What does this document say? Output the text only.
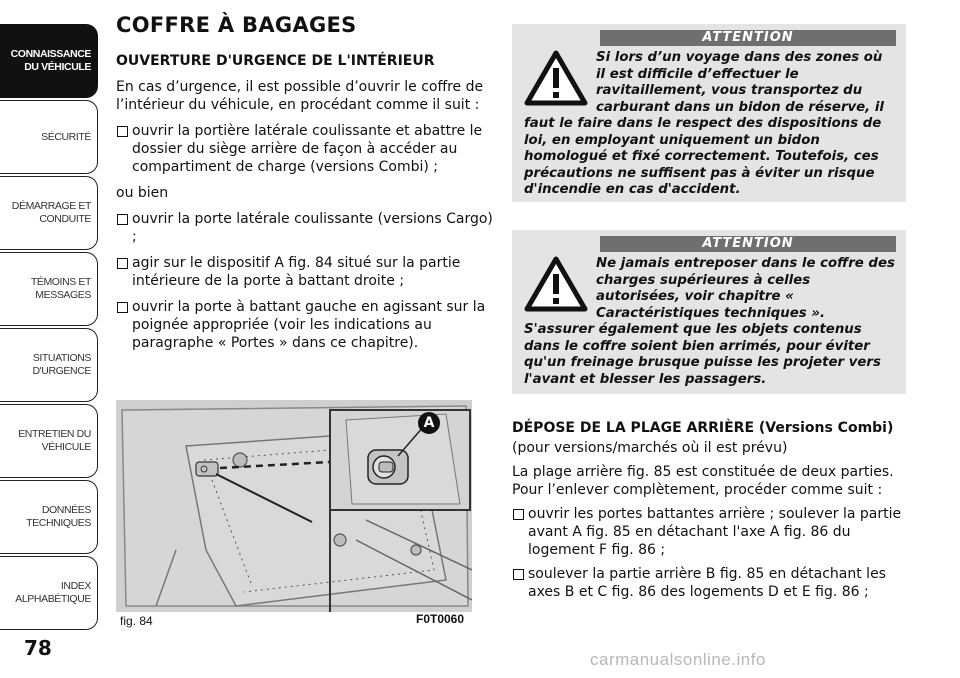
CONNAISSANCE
DU VÉHICULE
SÉCURITÉ
DÉMARRAGE ET
CONDUITE
TÉMOINS ET
MESSAGES
SITUATIONS
D'URGENCE
ENTRETIEN DU
VÉHICULE
DONNÉES
TECHNIQUES
INDEX
ALPHABÉTIQUE
78
COFFRE À BAGAGES
OUVERTURE D'URGENCE DE L'INTÉRIEUR
En cas d’urgence, il est possible d’ouvrir le coffre de l’intérieur du véhicule, en procédant comme il suit :
ouvrir la portière latérale coulissante et abattre le dossier du siège arrière de façon à accéder au compartiment de charge (versions Combi) ;
ou bien
ouvrir la porte latérale coulissante (versions Cargo) ;
agir sur le dispositif A fig. 84 situé sur la partie intérieure de la porte à battant droite ;
ouvrir la porte à battant gauche en agissant sur la poignée appropriée (voir les indications au paragraphe « Portes » dans ce chapitre).
A
fig. 84	F0T0060
ATTENTION
Si lors d’un voyage dans des zones où il est difficile d’effectuer le ravitaillement, vous transportez du carburant dans un bidon de réserve, il faut le faire dans le respect des dispositions de loi, en employant uniquement un bidon homologué et fixé correctement. Toutefois, ces précautions ne suffisent pas à éviter un risque d'incendie en cas d'accident.
ATTENTION
Ne jamais entreposer dans le coffre des charges supérieures à celles autorisées, voir chapitre « Caractéristiques techniques ». S'assurer également que les objets contenus dans le coffre soient bien arrimés, pour éviter qu'un freinage brusque puisse les projeter vers l'avant et blesser les passagers.
DÉPOSE DE LA PLAGE ARRIÈRE (Versions Combi)
(pour versions/marchés où il est prévu)
La plage arrière fig. 85 est constituée de deux parties. Pour l’enlever complètement, procéder comme suit :
ouvrir les portes battantes arrière ; soulever la partie avant A fig. 85 en détachant l'axe A fig. 86 du logement F fig. 86 ;
soulever la partie arrière B fig. 85 en détachant les axes B et C fig. 86 des logements D et E fig. 86 ;
carmanualsonline.info
